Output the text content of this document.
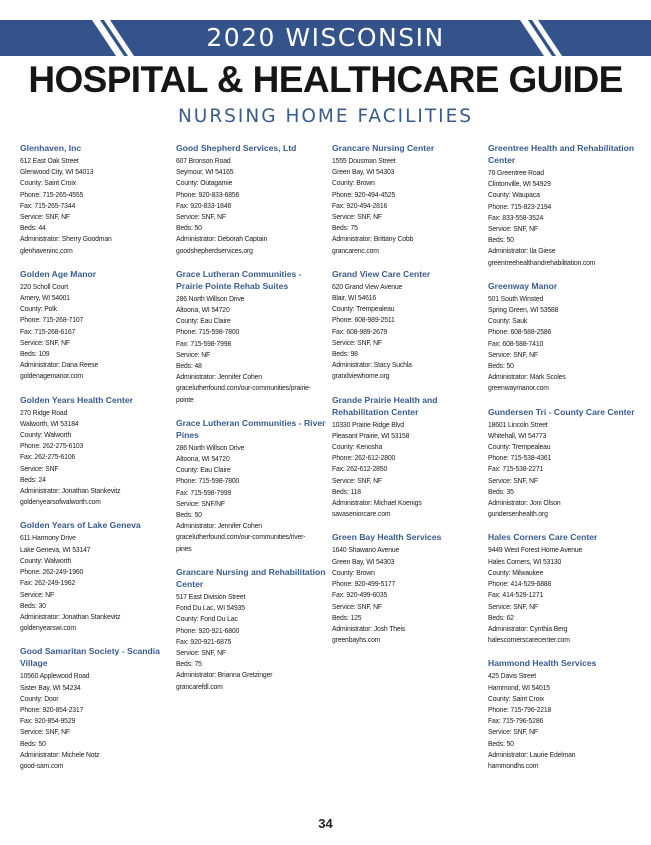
2020 WISCONSIN
HOSPITAL & HEALTHCARE GUIDE
NURSING HOME FACILITIES
Glenhaven, Inc
612 East Oak Street
Glenwood City, WI 54013
County: Saint Croix
Phone: 715-265-4555
Fax: 715-265-7344
Service: SNF, NF
Beds: 44
Administrator: Sherry Goodman
glenhaveninc.com
Golden Age Manor
220 Scholl Court
Amery, WI 54001
County: Polk
Phone: 715-268-7107
Fax: 715-268-6167
Service: SNF, NF
Beds: 109
Administrator: Dana Reese
goldenagemanor.com
Golden Years Health Center
270 Ridge Road
Walworth, WI 53184
County: Walworth
Phone: 262-275-6103
Fax: 262-275-6106
Service: SNF
Beds: 24
Administrator: Jonathan Stankevitz
goldenyearsofwalworth.com
Golden Years of Lake Geneva
611 Harmony Drive
Lake Geneva, WI 53147
County: Walworth
Phone: 262-249-1960
Fax: 262-249-1962
Service: NF
Beds: 30
Administrator: Jonathan Stankevitz
goldenyearswi.com
Good Samaritan Society - Scandia Village
10560 Applewood Road
Sister Bay, WI 54234
County: Door
Phone: 920-854-2317
Fax: 920-854-9529
Service: SNF, NF
Beds: 50
Administrator: Michele Notz
good-sam.com
Good Shepherd Services, Ltd
607 Bronson Road
Seymour, WI 54165
County: Outagamie
Phone: 920-833-6856
Fax: 920-833-1846
Service: SNF, NF
Beds: 50
Administrator: Deborah Captain
goodshepherdservices.org
Grace Lutheran Communities - Prairie Pointe Rehab Suites
286 North Willson Drive
Altoona, WI 54720
County: Eau Claire
Phone: 715-598-7800
Fax: 715-598-7998
Service: NF
Beds: 48
Administrator: Jennifer Cohen
gracelutherfound.com/our-communities/prairie-pointe
Grace Lutheran Communities - River Pines
286 North Willson Drive
Altoona, WI 54720
County: Eau Claire
Phone: 715-598-7800
Fax: 715-598-7999
Service: SNF/NF
Beds: 50
Administrator: Jennifer Cohen
gracelutherfound.com/our-communities/river-pines
Grancare Nursing and Rehabilitation Center
517 East Division Street
Fond Du Lac, WI 54935
County: Fond Du Lac
Phone: 920-921-6800
Fax: 920-921-6875
Service: SNF, NF
Beds: 75
Administrator: Brianna Gretzinger
grancarefdl.com
Grancare Nursing Center
1555 Dousman Street
Green Bay, WI 54303
County: Brown
Phone: 920-494-4525
Fax: 920-494-2816
Service: SNF, NF
Beds: 75
Administrator: Brittany Cobb
grancarenc.com
Grand View Care Center
620 Grand View Avenue
Blair, WI 54616
County: Trempealeau
Phone: 608-989-2511
Fax: 608-989-2679
Service: SNF, NF
Beds: 98
Administrator: Stacy Suchla
grandviewhome.org
Grande Prairie Health and Rehabilitation Center
10330 Prairie Ridge Blvd
Pleasant Prairie, WI 53158
County: Kenosha
Phone: 262-612-2800
Fax: 262-612-2850
Service: SNF, NF
Beds: 118
Administrator: Michael Koenigs
savaseniorcare.com
Green Bay Health Services
1640 Shawano Avenue
Green Bay, WI 54303
County: Brown
Phone: 920-499-5177
Fax: 920-499-6035
Service: SNF, NF
Beds: 125
Administrator: Josh Theis
greenbayhs.com
Greentree Health and Rehabilitation Center
70 Greentree Road
Clintonville, WI 54929
County: Waupaca
Phone: 715-823-2194
Fax: 833-558-3524
Service: SNF, NF
Beds: 50
Administrator: Ila Giese
greentreehealthandrehabilitation.com
Greenway Manor
501 South Winsted
Spring Green, WI 53588
County: Sauk
Phone: 608-588-2586
Fax: 608-588-7410
Service: SNF, NF
Beds: 50
Administrator: Mark Scoles
greenwaymanor.com
Gundersen Tri - County Care Center
18601 Lincoln Street
Whitehall, WI 54773
County: Trempealeau
Phone: 715-538-4361
Fax: 715-538-2271
Service: SNF, NF
Beds: 35
Administrator: Joni Olson
gundersenhealth.org
Hales Corners Care Center
9449 West Forest Home Avenue
Hales Corners, WI 53130
County: Milwaukee
Phone: 414-529-6888
Fax: 414-529-1271
Service: SNF, NF
Beds: 62
Administrator: Cynthia Berg
halescornerscarecenter.com
Hammond Health Services
425 Davis Street
Hammond, WI 54015
County: Saint Croix
Phone: 715-796-2218
Fax: 715-796-5286
Service: SNF, NF
Beds: 50
Administrator: Laurie Edelman
hammondhs.com
34
